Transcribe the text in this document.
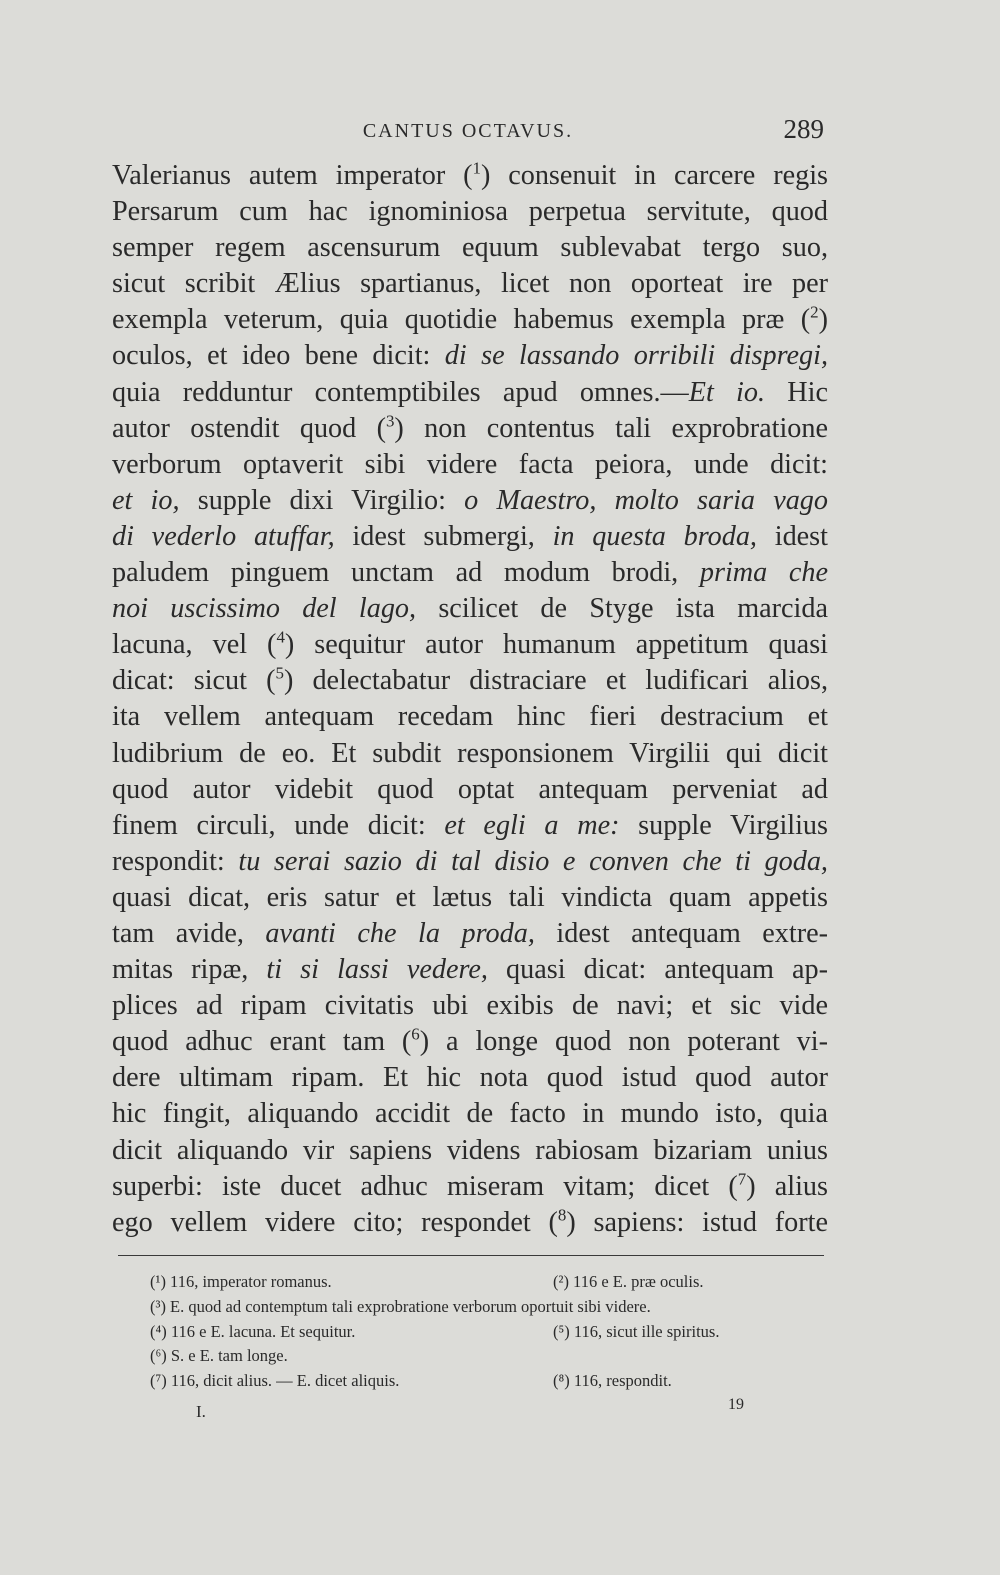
CANTUS OCTAVUS.	289
Valerianus autem imperator ($^1$) consenuit in carcere regis
Persarum cum hac ignominiosa perpetua servitute, quod
semper regem ascensurum equum sublevabat tergo suo,
sicut scribit Ælius spartianus, licet non oporteat ire per
exempla veterum, quia quotidie habemus exempla præ ($^2$)
oculos, et ideo bene dicit: di se lassando orribili dispregi,
quia redduntur contemptibiles apud omnes.—Et io. Hic
autor ostendit quod ($^3$) non contentus tali exprobratione
verborum optaverit sibi videre facta peiora, unde dicit:
et io, supple dixi Virgilio: o Maestro, molto saria vago
di vederlo atuffar, idest submergi, in questa broda, idest
paludem pinguem unctam ad modum brodi, prima che
noi uscissimo del lago, scilicet de Styge ista marcida
lacuna, vel ($^4$) sequitur autor humanum appetitum quasi
dicat: sicut ($^5$) delectabatur distraciare et ludificari alios,
ita vellem antequam recedam hinc fieri destracium et
ludibrium de eo. Et subdit responsionem Virgilii qui dicit
quod autor videbit quod optat antequam perveniat ad
finem circuli, unde dicit: et egli a me: supple Virgilius
respondit: tu serai sazio di tal disio e conven che ti goda,
quasi dicat, eris satur et lætus tali vindicta quam appetis
tam avide, avanti che la proda, idest antequam extre-
mitas ripæ, ti si lassi vedere, quasi dicat: antequam ap-
plices ad ripam civitatis ubi exibis de navi; et sic vide
quod adhuc erant tam ($^6$) a longe quod non poterant vi-
dere ultimam ripam. Et hic nota quod istud quod autor
hic fingit, aliquando accidit de facto in mundo isto, quia
dicit aliquando vir sapiens videns rabiosam bizariam unius
superbi: iste ducet adhuc miseram vitam; dicet ($^7$) alius
ego vellem videre cito; respondet ($^8$) sapiens: istud forte
(¹) 116, imperator romanus.	(²) 116 e E. præ oculis.
(³) E. quod ad contemptum tali exprobratione verborum oportuit sibi videre.
(⁴) 116 e E. lacuna. Et sequitur.	(⁵) 116, sicut ille spiritus.
(⁶) S. e E. tam longe.
(⁷) 116, dicit alius. — E. dicet aliquis.	(⁸) 116, respondit.
I.	19
